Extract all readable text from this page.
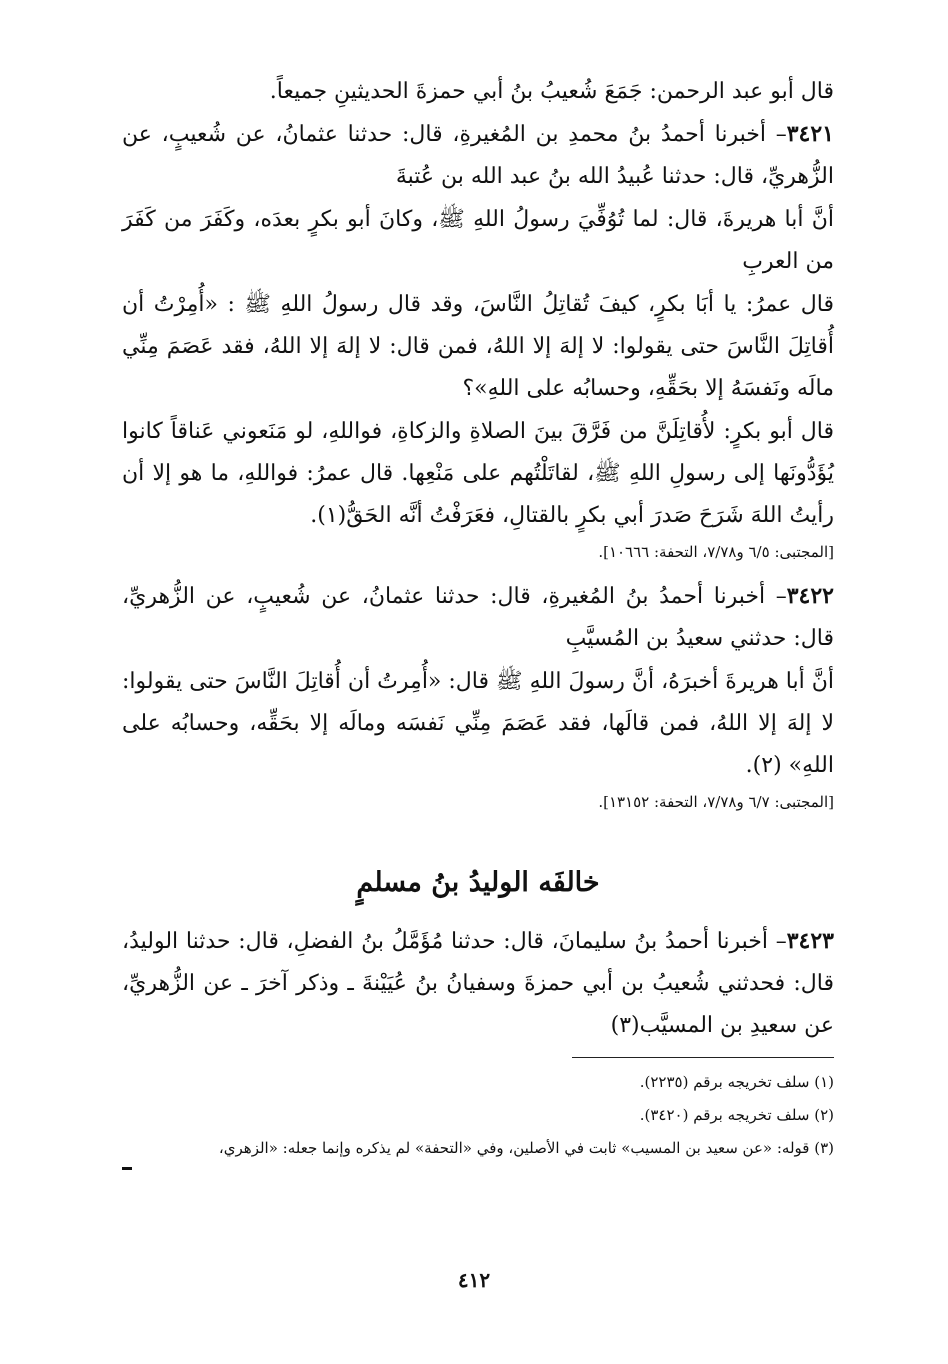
قال أبو عبد الرحمن: جَمَعَ شُعيبُ بنُ أبي حمزةَ الحديثينِ جميعاً.

٣٤٢١– أخبرنا أحمدُ بنُ محمدِ بن المُغيرةِ، قال: حدثنا عثمانُ، عن شُعيبٍ، عن الزُّهريِّ، قال: حدثنا عُبيدُ الله بنُ عبد الله بن عُتبةَ

أنَّ أبا هريرةَ، قال: لما تُوُفِّيَ رسولُ اللهِ ﷺ، وكانَ أبو بكرٍ بعدَه، وكَفَرَ من كَفَرَ من العربِ

قال عمرُ: يا أبَا بكرٍ، كيفَ تُقاتِلُ النَّاسَ، وقد قال رسولُ اللهِ ﷺ : «أُمِرْتُ أن أُقاتِلَ النَّاسَ حتى يقولوا: لا إلهَ إلا اللهُ، فمن قال: لا إلهَ إلا اللهُ، فقد عَصَمَ مِنِّي مالَه ونَفسَهُ إلا بحَقِّهِ، وحسابُه على اللهِ»؟

قال أبو بكرٍ: لأُقاتِلَنَّ من فَرَّقَ بينَ الصلاةِ والزكاةِ، فواللهِ، لو مَنَعوني عَناقاً كانوا يُؤَدُّونَها إلى رسولِ اللهِ ﷺ، لقاتَلْتُهم على مَنْعِها. قال عمرُ: فواللهِ، ما هو إلا أن رأيتُ اللهَ شَرَحَ صَدرَ أبي بكرٍ بالقتالِ، فعَرَفْتُ أنَّه الحَقُّ(١).

[المجتبى: ٦/٥ و٧/٧٨، التحفة: ١٠٦٦٦].

٣٤٢٢– أخبرنا أحمدُ بنُ المُغيرةِ، قال: حدثنا عثمانُ، عن شُعيبٍ، عن الزُّهريِّ، قال: حدثني سعيدُ بن المُسيَّبِ

أنَّ أبا هريرةَ أخبرَهُ، أنَّ رسولَ اللهِ ﷺ قال: «أُمِرتُ أن أُقاتِلَ النَّاسَ حتى يقولوا: لا إلهَ إلا اللهُ، فمن قالَها، فقد عَصَمَ مِنِّي نَفسَه ومالَه إلا بحَقِّه، وحسابُه على اللهِ» (٢).

[المجتبى: ٦/٧ و٧/٧٨، التحفة: ١٣١٥٢].

خالفَه الوليدُ بنُ مسلمٍ

٣٤٢٣– أخبرنا أحمدُ بنُ سليمانَ، قال: حدثنا مُؤَمَّلُ بنُ الفضلِ، قال: حدثنا الوليدُ، قال: فحدثني شُعيبُ بن أبي حمزةَ وسفيانُ بنُ عُيَيْنةَ ـ وذكر آخرَ ـ عن الزُّهريِّ، عن سعيدِ بن المسيَّب(٣)

(١) سلف تخريجه برقم (٢٢٣٥).

(٢) سلف تخريجه برقم (٣٤٢٠).

(٣) قوله: «عن سعيد بن المسيب» ثابت في الأصلين، وفي «التحفة» لم يذكره وإنما جعله: «الزهري،

٤١٢
